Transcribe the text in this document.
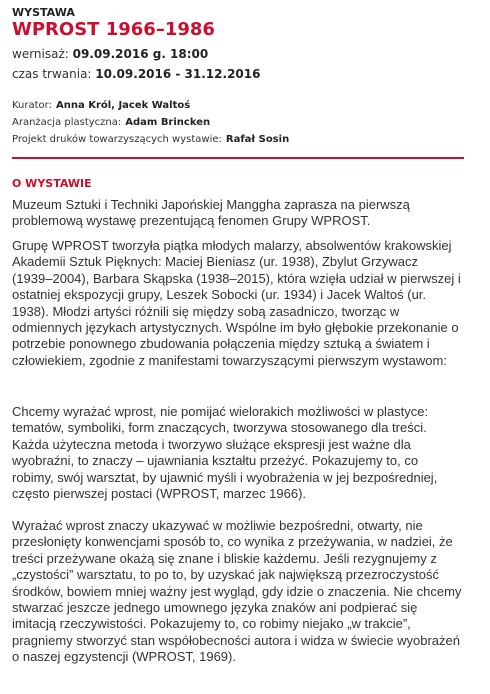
WYSTAWA
WPROST 1966–1986
wernisaż: 09.09.2016 g. 18:00
czas trwania: 10.09.2016 - 31.12.2016
Kurator: Anna Król, Jacek Waltoś
Aranżacja plastyczna: Adam Brincken
Projekt druków towarzyszących wystawie: Rafał Sosin
O WYSTAWIE

Muzeum Sztuki i Techniki Japońskiej Manggha zaprasza na pierwszą problemową wystawę prezentującą fenomen Grupy WPROST.

Grupę WPROST tworzyła piątka młodych malarzy, absolwentów krakowskiej Akademii Sztuk Pięknych: Maciej Bieniasz (ur. 1938), Zbylut Grzywacz (1939–2004), Barbara Skąpska (1938–2015), która wzięła udział w pierwszej i ostatniej ekspozycji grupy, Leszek Sobocki (ur. 1934) i Jacek Waltoś (ur. 1938). Młodzi artyści różnili się między sobą zasadniczo, tworząc w odmiennych językach artystycznych. Wspólne im było głębokie przekonanie o potrzebie ponownego zbudowania połączenia między sztuką a światem i człowiekiem, zgodnie z manifestami towarzyszącymi pierwszym wystawom:

Chcemy wyrażać wprost, nie pomijać wielorakich możliwości w plastyce: tematów, symboliki, form znaczących, tworzywa stosowanego dla treści. Każda użyteczna metoda i tworzywo służące ekspresji jest ważne dla wyobraźni, to znaczy – ujawniania kształtu przeżyć. Pokazujemy to, co robimy, swój warsztat, by ujawnić myśli i wyobrażenia w jej bezpośredniej, często pierwszej postaci (WPROST, marzec 1966).

Wyrażać wprost znaczy ukazywać w możliwie bezpośredni, otwarty, nie przesłonięty konwencjami sposób to, co wynika z przeżywania, w nadziei, że treści przeżywane okażą się znane i bliskie każdemu. Jeśli rezygnujemy z „czystości” warsztatu, to po to, by uzyskać jak największą przezroczystość środków, bowiem mniej ważny jest wygląd, gdy idzie o znaczenia. Nie chcemy stwarzać jeszcze jednego umownego języka znaków ani podpierać się imitacją rzeczywistości. Pokazujemy to, co robimy niejako „w trakcie”, pragniemy stworzyć stan współobecności autora i widza w świecie wyobrażeń o naszej egzystencji (WPROST, 1969).
